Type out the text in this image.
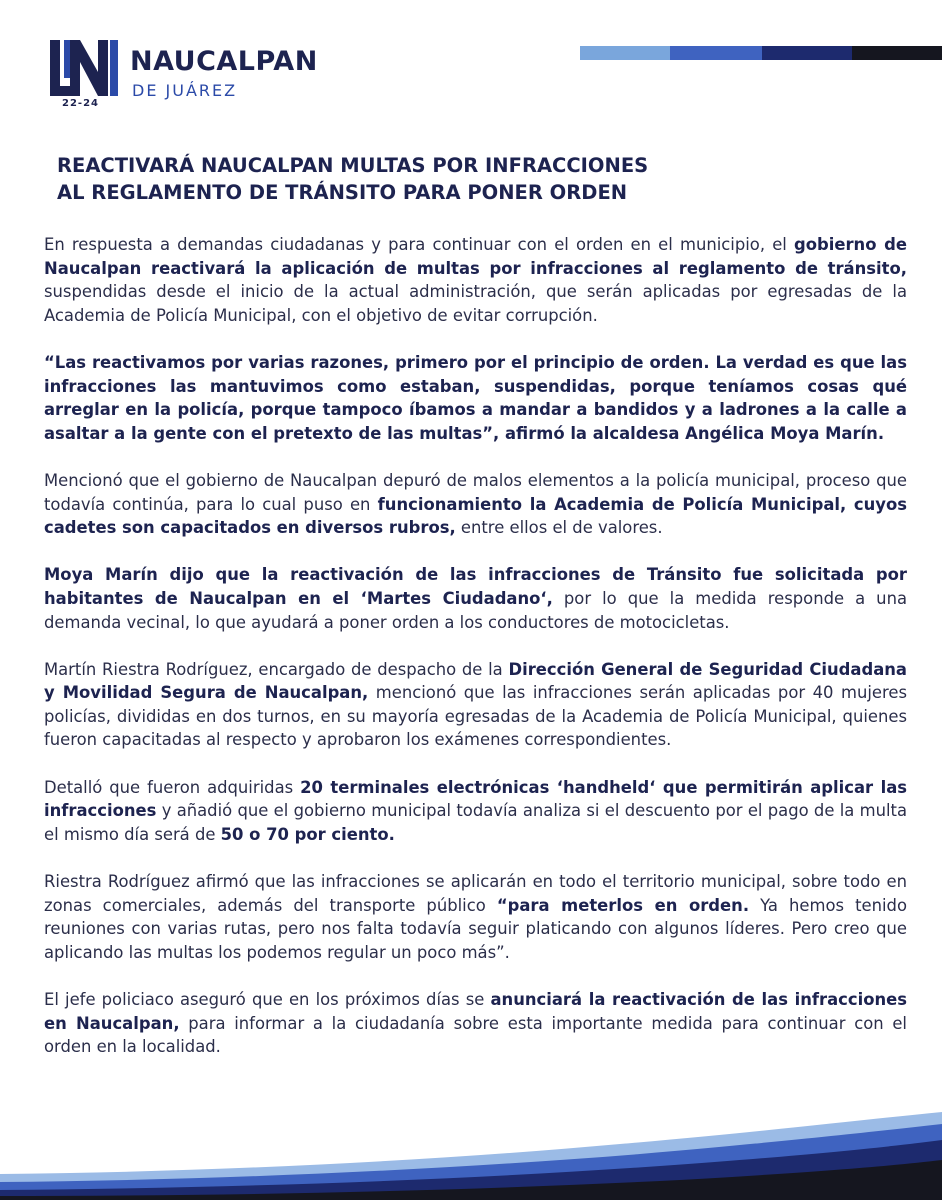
NAUCALPAN
DE JUÁREZ
22-24
REACTIVARÁ NAUCALPAN MULTAS POR INFRACCIONES
AL REGLAMENTO DE TRÁNSITO PARA PONER ORDEN

En respuesta a demandas ciudadanas y para continuar con el orden en el municipio, el gobierno de Naucalpan reactivará la aplicación de multas por infracciones al reglamento de tránsito, suspendidas desde el inicio de la actual administración, que serán aplicadas por egresadas de la Academia de Policía Municipal, con el objetivo de evitar corrupción.

“Las reactivamos por varias razones, primero por el principio de orden. La verdad es que las infracciones las mantuvimos como estaban, suspendidas, porque teníamos cosas qué arreglar en la policía, porque tampoco íbamos a mandar a bandidos y a ladrones a la calle a asaltar a la gente con el pretexto de las multas”, afirmó la alcaldesa Angélica Moya Marín.

Mencionó que el gobierno de Naucalpan depuró de malos elementos a la policía municipal, proceso que todavía continúa, para lo cual puso en funcionamiento la Academia de Policía Municipal, cuyos cadetes son capacitados en diversos rubros, entre ellos el de valores.

Moya Marín dijo que la reactivación de las infracciones de Tránsito fue solicitada por habitantes de Naucalpan en el ‘Martes Ciudadano‘, por lo que la medida responde a una demanda vecinal, lo que ayudará a poner orden a los conductores de motocicletas.

Martín Riestra Rodríguez, encargado de despacho de la Dirección General de Seguridad Ciudadana y Movilidad Segura de Naucalpan, mencionó que las infracciones serán aplicadas por 40 mujeres policías, divididas en dos turnos, en su mayoría egresadas de la Academia de Policía Municipal, quienes fueron capacitadas al respecto y aprobaron los exámenes correspondientes.

Detalló que fueron adquiridas 20 terminales electrónicas ‘handheld‘ que permitirán aplicar las infracciones y añadió que el gobierno municipal todavía analiza si el descuento por el pago de la multa el mismo día será de 50 o 70 por ciento.

Riestra Rodríguez afirmó que las infracciones se aplicarán en todo el territorio municipal, sobre todo en zonas comerciales, además del transporte público “para meterlos en orden. Ya hemos tenido reuniones con varias rutas, pero nos falta todavía seguir platicando con algunos líderes. Pero creo que aplicando las multas los podemos regular un poco más”.

El jefe policiaco aseguró que en los próximos días se anunciará la reactivación de las infracciones en Naucalpan, para informar a la ciudadanía sobre esta importante medida para continuar con el orden en la localidad.
